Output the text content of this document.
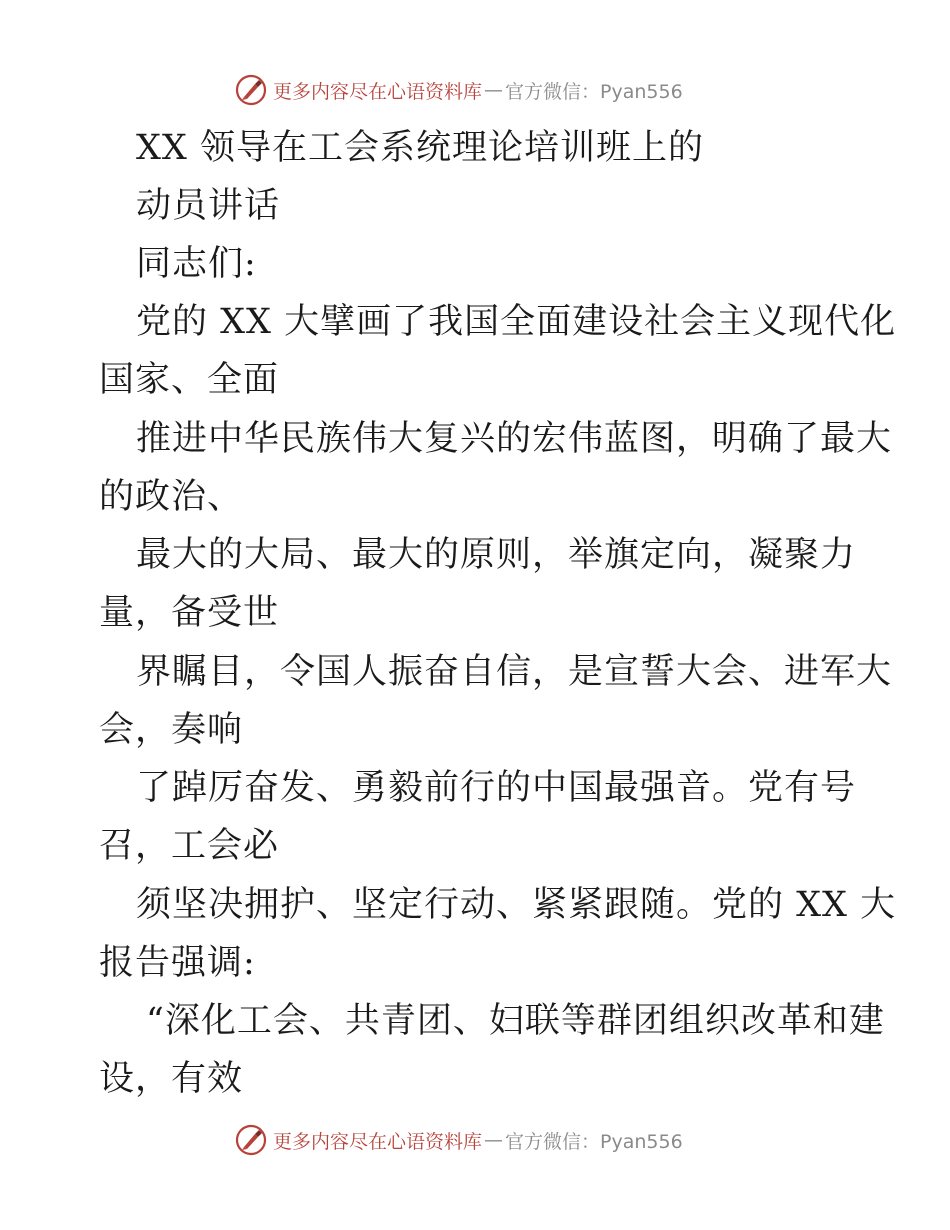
更多内容尽在心语资料库 — 官方微信：Pyan556
XX 领导在工会系统理论培训班上的
动员讲话
同志们:
党的 XX 大擘画了我国全面建设社会主义现代化
国家、全面
推进中华民族伟大复兴的宏伟蓝图，明确了最大
的政治、
最大的大局、最大的原则，举旗定向，凝聚力
量，备受世
界瞩目，令国人振奋自信，是宣誓大会、进军大
会，奏响
了踔厉奋发、勇毅前行的中国最强音。党有号
召，工会必
须坚决拥护、坚定行动、紧紧跟随。党的 XX 大
报告强调:
“深化工会、共青团、妇联等群团组织改革和建
设，有效
更多内容尽在心语资料库 — 官方微信：Pyan556
